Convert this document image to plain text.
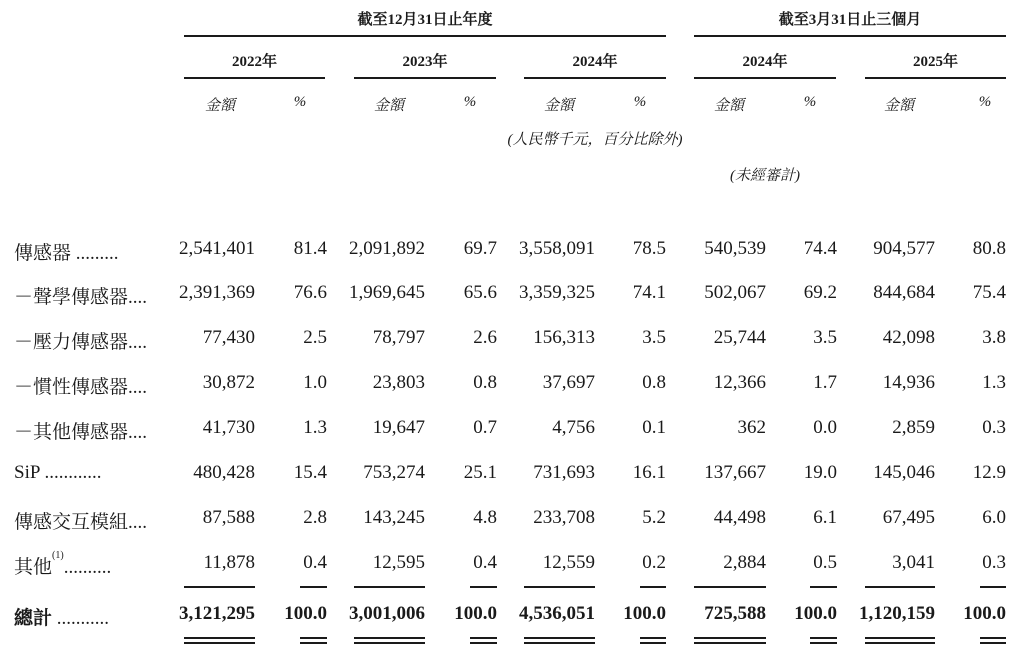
截至12月31日止年度	截至3月31日止三個月
2022年	2023年	2024年	2024年	2025年
金額	%	金額	%	金額	%	金額	%	金額	%
(人民幣千元，百分比除外)
(未經審計)
傳感器 .........	2,541,401 81.4 2,091,892 69.7 3,558,091 78.5 540,539 74.4 904,577 80.8
－聲學傳感器.... 2,391,369 76.6 1,969,645 65.6 3,359,325 74.1 502,067 69.2 844,684 75.4
－壓力傳感器....	77,430	2.5 78,797	2.6 156,313 3.5	25,744 3.5 42,098 3.8
－慣性傳感器....	30,872	1.0 23,803	0.8 37,697 0.8	12,366 1.7 14,936 1.3
－其他傳感器....	41,730	1.3 19,647	0.7	4,756 0.1	362 0.0	2,859 0.3
SiP ............	480,428 15.4 753,274 25.1 731,693 16.1 137,667 19.0 145,046 12.9
傳感交互模組....	87,588	2.8 143,245	4.8 233,708 5.2	44,498 6.1 67,495 6.0
其他$^{(1)}$..........	11,878	0.4 12,595	0.4 12,559 0.2	2,884 0.5	3,041 0.3
總計 ...........	3,121,295 100.0 3,001,006 100.0 4,536,051 100.0 725,588 100.0 1,120,159 100.0
